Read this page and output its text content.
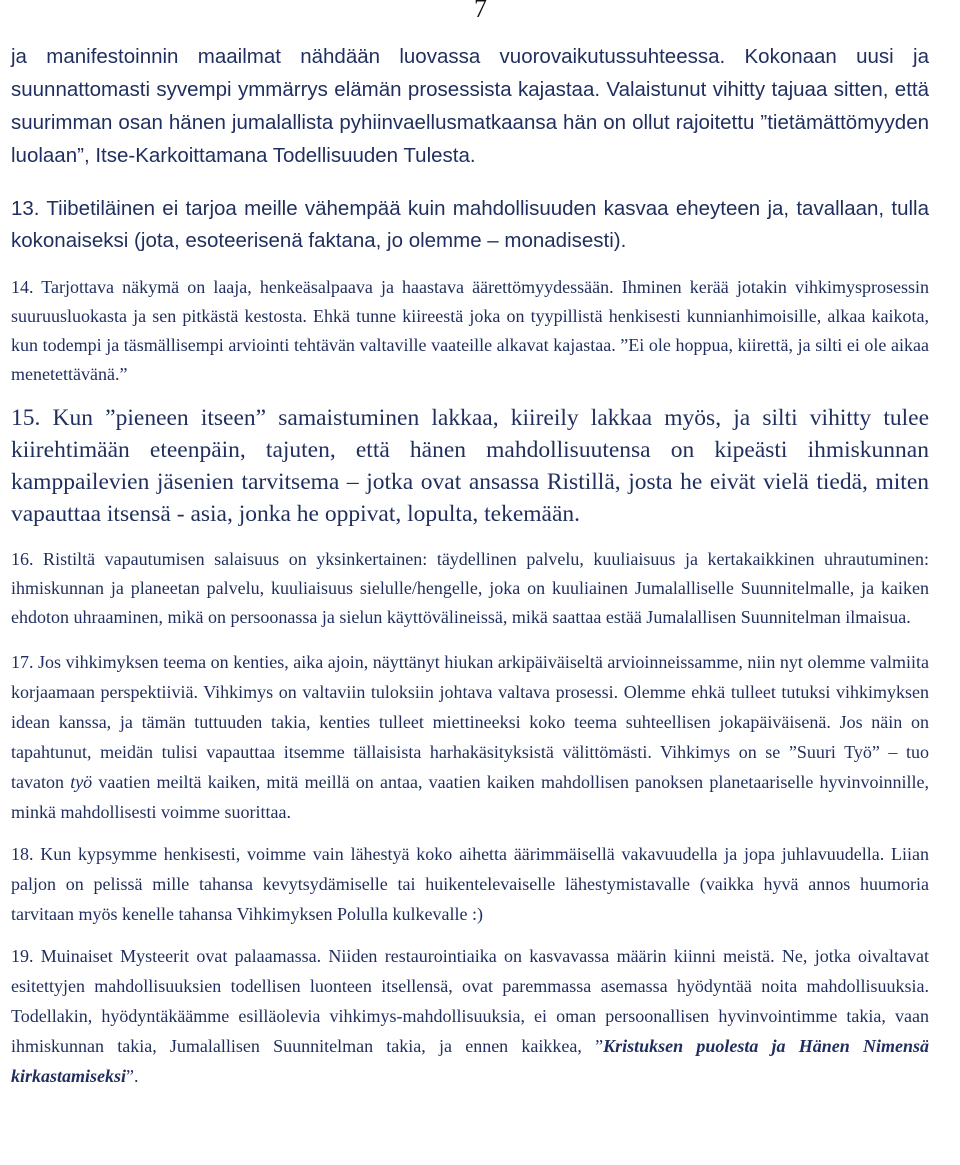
7

ja manifestoinnin maailmat nähdään luovassa vuorovaikutussuhteessa. Kokonaan uusi ja suunnattomasti syvempi ymmärrys elämän prosessista kajastaa. Valaistunut vihitty tajuaa sitten, että suurimman osan hänen jumalallista pyhiinvaellusmatkaansa hän on ollut rajoitettu ”tietämättömyyden luolaan”, Itse-Karkoittamana Todellisuuden Tulesta.

13. Tiibetiläinen ei tarjoa meille vähempää kuin mahdollisuuden kasvaa eheyteen ja, tavallaan, tulla kokonaiseksi (jota, esoteerisenä faktana, jo olemme – monadisesti).

14. Tarjottava näkymä on laaja, henkeäsalpaava ja haastava äärettömyydessään. Ihminen kerää jotakin vihkimysprosessin suuruusluokasta ja sen pitkästä kestosta. Ehkä tunne kiireestä joka on tyypillistä henkisesti kunnianhimoisille, alkaa kaikota, kun todempi ja täsmällisempi arviointi tehtävän valtaville vaateille alkavat kajastaa. ”Ei ole hoppua, kiirettä, ja silti ei ole aikaa menetettävänä.”

15. Kun ”pieneen itseen” samaistuminen lakkaa, kiireily lakkaa myös, ja silti vihitty tulee kiirehtimään eteenpäin, tajuten, että hänen mahdollisuutensa on kipeästi ihmiskunnan kamppailevien jäsenien tarvitsema – jotka ovat ansassa Ristillä, josta he eivät vielä tiedä, miten vapauttaa itsensä - asia, jonka he oppivat, lopulta, tekemään.

16. Ristiltä vapautumisen salaisuus on yksinkertainen: täydellinen palvelu, kuuliaisuus ja kertakaikkinen uhrautuminen: ihmiskunnan ja planeetan palvelu, kuuliaisuus sielulle/hengelle, joka on kuuliainen Jumalalliselle Suunnitelmalle, ja kaiken ehdoton uhraaminen, mikä on persoonassa ja sielun käyttövälineissä, mikä saattaa estää Jumalallisen Suunnitelman ilmaisua.

17. Jos vihkimyksen teema on kenties, aika ajoin, näyttänyt hiukan arkipäiväiseltä arvioinneissamme, niin nyt olemme valmiita korjaamaan perspektiiviä. Vihkimys on valtaviin tuloksiin johtava valtava prosessi. Olemme ehkä tulleet tutuksi vihkimyksen idean kanssa, ja tämän tuttuuden takia, kenties tulleet miettineeksi koko teema suhteellisen jokapäiväisenä. Jos näin on tapahtunut, meidän tulisi vapauttaa itsemme tällaisista harhakäsityksistä välittömästi. Vihkimys on se ”Suuri Työ” – tuo tavaton työ vaatien meiltä kaiken, mitä meillä on antaa, vaatien kaiken mahdollisen panoksen planetaariselle hyvinvoinnille, minkä mahdollisesti voimme suorittaa.

18. Kun kypsymme henkisesti, voimme vain lähestyä koko aihetta äärimmäisellä vakavuudella ja jopa juhlavuudella. Liian paljon on pelissä mille tahansa kevytsydämiselle tai huikentelevaiselle lähestymistavalle (vaikka hyvä annos huumoria tarvitaan myös kenelle tahansa Vihkimyksen Polulla kulkevalle :)

19. Muinaiset Mysteerit ovat palaamassa. Niiden restaurointiaika on kasvavassa määrin kiinni meistä. Ne, jotka oivaltavat esitettyjen mahdollisuuksien todellisen luonteen itsellensä, ovat paremmassa asemassa hyödyntää noita mahdollisuuksia. Todellakin, hyödyntäkäämme esilläolevia vihkimys-mahdollisuuksia, ei oman persoonallisen hyvinvointimme takia, vaan ihmiskunnan takia, Jumalallisen Suunnitelman takia, ja ennen kaikkea, ”Kristuksen puolesta ja Hänen Nimensä kirkastamiseksi”.
